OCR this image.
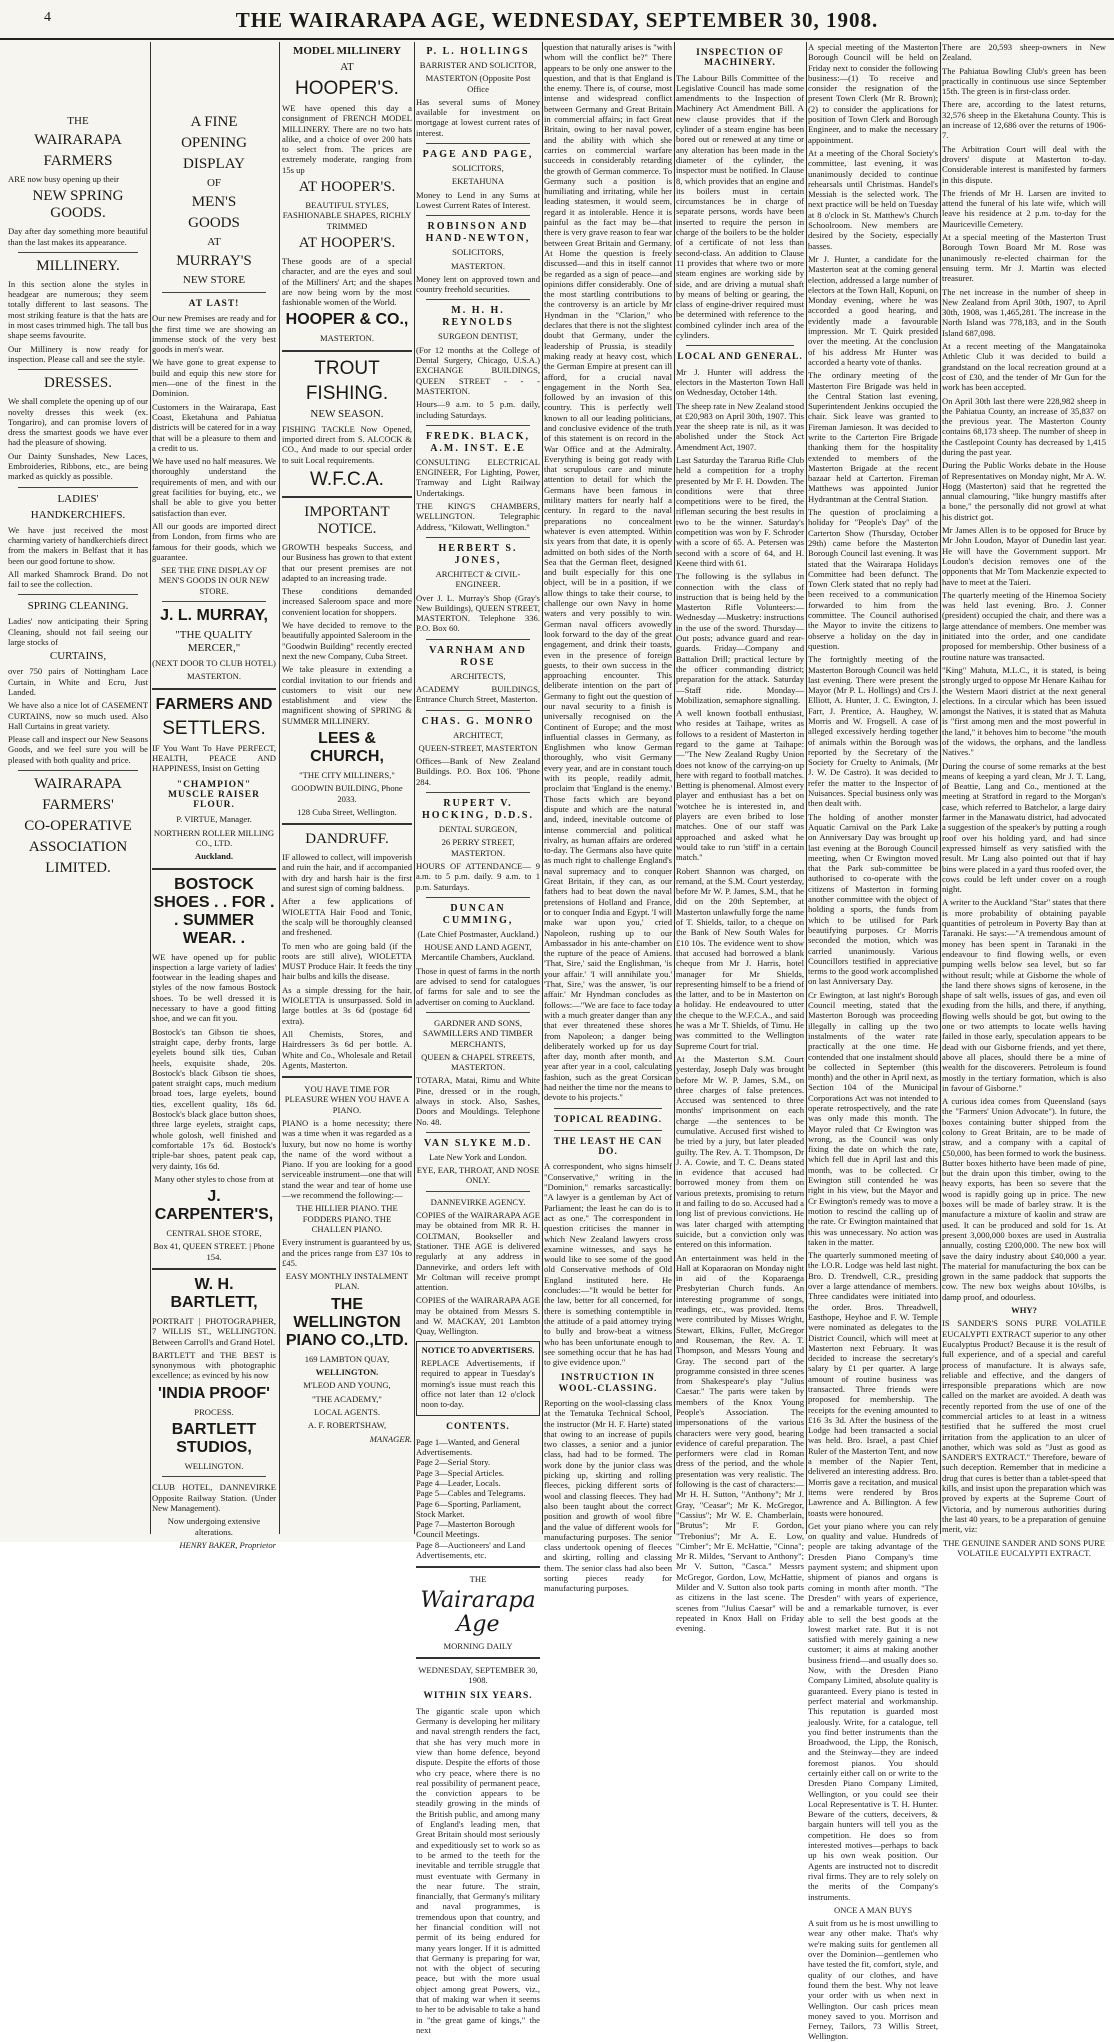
4	THE WAIRARAPA AGE, WEDNESDAY, SEPTEMBER 30, 1908.
THE
WAIRARAPA
FARMERS

ARE now busy opening up their

NEW SPRING GOODS.

Day after day something more beautiful than the last makes its appearance.

MILLINERY.

In this section alone the styles in headgear are numerous; they seem totally different to last seasons. The most striking feature is that the hats are in most cases trimmed high. The tall bus shape seems favourite.

Our Millinery is now ready for inspection. Please call and see the style.

DRESSES.

We shall complete the opening up of our novelty dresses this week (ex. Tongariro), and can promise lovers of dress the smartest goods we have ever had the pleasure of showing.

Our Dainty Sunshades, New Laces, Embroideries, Ribbons, etc., are being marked as quickly as possible.

LADIES'
HANDKERCHIEFS.

We have just received the most charming variety of handkerchiefs direct from the makers in Belfast that it has been our good fortune to show.

All marked Shamrock Brand. Do not fail to see the collection.

SPRING CLEANING.

Ladies' now anticipating their Spring Cleaning, should not fail seeing our large stocks of

CURTAINS,

over 750 pairs of Nottingham Lace Curtain, in White and Ecru, Just Landed.

We have also a nice lot of CASEMENT CURTAINS, now so much used. Also Hall Curtains in great variety.

Please call and inspect our New Seasons Goods, and we feel sure you will be pleased with both quality and price.

WAIRARAPA
FARMERS'
CO-OPERATIVE
ASSOCIATION
LIMITED.
A FINE
OPENING
DISPLAY
OF
MEN'S
GOODS
AT
MURRAY'S
NEW STORE
AT LAST!

Our new Premises are ready and for the first time we are showing an immense stock of the very best goods in men's wear.

We have gone to great expense to build and equip this new store for men—one of the finest in the Dominion.

Customers in the Wairarapa, East Coast, Eketahuna and Pahiatua districts will be catered for in a way that will be a pleasure to them and a credit to us.

We have used no half measures. We thoroughly understand the requirements of men, and with our great facilities for buying, etc., we shall be able to give you better satisfaction than ever.

All our goods are imported direct from London, from firms who are famous for their goods, which we guarantee.

SEE THE FINE DISPLAY OF MEN'S GOODS IN OUR NEW STORE.

J. L. MURRAY,
"THE QUALITY MERCER,"

(NEXT DOOR TO CLUB HOTEL)

MASTERTON.

FARMERS AND
SETTLERS.

IF You Want To Have PERFECT, HEALTH, PEACE AND HAPPINESS, Insist on Getting

"CHAMPION" MUSCLE RAISER FLOUR.

P. VIRTUE, Manager.

NORTHERN ROLLER MILLING CO., LTD.

Auckland.

BOSTOCK SHOES . . FOR . . SUMMER WEAR. .

WE have opened up for public inspection a large variety of ladies' footwear in the leading shapes and styles of the now famous Bostock shoes. To be well dressed it is necessary to have a good fitting shoe, and we can fit you.

Bostock's tan Gibson tie shoes, straight cape, derby fronts, large eyelets bound silk ties, Cuban heels, exquisite shade, 20s. Bostock's black Gibson tie shoes, patent straight caps, much medium broad toes, large eyelets, bound ties, excellent quality, 18s 6d. Bostock's black glace button shoes, three large eyelets, straight caps, whole golosh, well finished and comfortable 17s 6d. Bostock's triple-bar shoes, patent peak cap, very dainty, 16s 6d.

Many other styles to chose from at

J. CARPENTER'S,

CENTRAL SHOE STORE,

Box 41, QUEEN STREET. | Phone 154.

W. H. BARTLETT,

PORTRAIT | PHOTOGRAPHER, 7 WILLIS ST., WELLINGTON. Between Carroll's and Grand Hotel.

BARTLETT and THE BEST is synonymous with photographic excellence; as evinced by his now

'INDIA PROOF'

PROCESS.

BARTLETT STUDIOS,

WELLINGTON.

CLUB HOTEL, DANNEVIRKE Opposite Railway Station. (Under New Management).

Now undergoing extensive alterations.

HENRY BAKER, Proprietor

MODEL MILLINERY
AT
HOOPER'S.

WE have opened this day a consignment of FRENCH MODEL MILLINERY. There are no two hats alike, and a choice of over 200 hats to select from. The prices are extremely moderate, ranging from 15s up

AT HOOPER'S.

BEAUTIFUL STYLES, FASHIONABLE SHAPES, RICHLY TRIMMED

AT HOOPER'S.

These goods are of a special character, and are the eyes and soul of the Milliners' Art; and the shapes are now being worn by the most fashionable women of the World.

HOOPER & CO.,

MASTERTON.

TROUT
FISHING.
NEW SEASON.

FISHING TACKLE Now Opened, imported direct from S. ALCOCK & CO., And made to our special order to suit Local requirements.

W.F.C.A.
IMPORTANT NOTICE.

GROWTH bespeaks Success, and our Business has grown to that extent that our present premises are not adapted to an increasing trade.

These conditions demanded increased Saleroom space and more convenient location for shoppers.

We have decided to remove to the beautifully appointed Saleroom in the "Goodwin Building" recently erected next the new Company, Cuba Street.

We take pleasure in extending a cordial invitation to our friends and customers to visit our new establishment and view the magnificent showing of SPRING & SUMMER MILLINERY.

LEES & CHURCH,

"THE CITY MILLINERS,"

GOODWIN BUILDING, Phone 2033.

128 Cuba Street, Wellington.

DANDRUFF.

IF allowed to collect, will impoverish and ruin the hair, and if accompanied with dry and harsh hair is the first and surest sign of coming baldness.

After a few applications of WIOLETTA Hair Food and Tonic, the scalp will be thoroughly cleansed and freshened.

To men who are going bald (if the roots are still alive), WIOLETTA MUST Produce Hair. It feeds the tiny hair bulbs and kills the disease.

As a simple dressing for the hair, WIOLETTA is unsurpassed. Sold in large bottles at 3s 6d (postage 6d extra).

All Chemists, Stores, and Hairdressers 3s 6d per bottle. A. White and Co., Wholesale and Retail Agents, Masterton.

YOU HAVE TIME FOR PLEASURE WHEN YOU HAVE A PIANO.

PIANO is a home necessity; there was a time when it was regarded as a luxury, but now no home is worthy the name of the word without a Piano. If you are looking for a good serviceable instrument—one that will stand the wear and tear of home use—we recommend the following:—

THE HILLIER PIANO. THE FODDERS PIANO. THE CHALLEN PIANO.

Every instrument is guaranteed by us, and the prices range from £37 10s to £45.

EASY MONTHLY INSTALMENT PLAN.

THE WELLINGTON PIANO CO.,LTD.

169 LAMBTON QUAY,

WELLINGTON.

M'LEOD AND YOUNG,

"THE ACADEMY,"

LOCAL AGENTS.

A. F. ROBERTSHAW,

MANAGER.

P. L. HOLLINGS

BARRISTER AND SOLICITOR,

MASTERTON (Opposite Post Office

Has several sums of Money available for investment on mortgage at lowest current rates of interest.

PAGE AND PAGE,

SOLICITORS,

EKETAHUNA

Money to Lend in any Sums at Lowest Current Rates of Interest.

ROBINSON AND HAND-NEWTON,

SOLICITORS,

MASTERTON.

Money lent on approved town and country freehold securities.

M. H. H. REYNOLDS

SURGEON DENTIST,

(For 12 months at the College of Dental Surgery, Chicago, U.S.A.) EXCHANGE BUILDINGS, QUEEN STREET - - - MASTERTON.

Hours—9 a.m. to 5 p.m. daily, including Saturdays.

FREDK. BLACK, A.M. INST. E.E

CONSULTING ELECTRICAL ENGINEER, For Lighting, Power, Tramway and Light Railway Undertakings.

THE KING'S CHAMBERS, WELLINGTON. Telegraphic Address, "Kilowatt, Wellington."

HERBERT S. JONES,

ARCHITECT & CIVIL-ENGINEER.

Over J. L. Murray's Shop (Gray's New Buildings), QUEEN STREET, MASTERTON. Telephone 336. P.O. Box 60.

VARNHAM AND ROSE

ARCHITECTS,

ACADEMY BUILDINGS, Entrance Church Street, Masterton.

CHAS. G. MONRO

ARCHITECT,

QUEEN-STREET, MASTERTON

Offices—Bank of New Zealand Buildings. P.O. Box 106. 'Phone 284.

RUPERT V. HOCKING, D.D.S.

DENTAL SURGEON,

26 PERRY STREET, MASTERTON.

HOURS OF ATTENDANCE— 9 a.m. to 5 p.m. daily. 9 a.m. to 1 p.m. Saturdays.

DUNCAN CUMMING,

(Late Chief Postmaster, Auckland.)

HOUSE AND LAND AGENT, Mercantile Chambers, Auckland.

Those in quest of farms in the north are advised to send for catalogues of farms for sale and to see the advertiser on coming to Auckland.

GARDNER AND SONS, SAWMILLERS AND TIMBER MERCHANTS,

QUEEN & CHAPEL STREETS, MASTERTON.

TOTARA, Matai, Rimu and White Pine, dressed or in the rough, always in stock. Also, Sashes, Doors and Mouldings. Telephone No. 48.

VAN SLYKE M.D.

Late New York and London.

EYE, EAR, THROAT, AND NOSE ONLY.

DANNEVIRKE AGENCY.

COPIES of the WAIRARAPA AGE may be obtained from MR R. H. COLTMAN, Bookseller and Stationer. THE AGE is delivered regularly at any address in Dannevirke, and orders left with Mr Coltman will receive prompt attention.

COPIES of the WAIRARAPA AGE may be obtained from Messrs S. and W. MACKAY, 201 Lambton Quay, Wellington.

NOTICE TO ADVERTISERS.

REPLACE Advertisements, if required to appear in Tuesday's morning's issue must reach this office not later than 12 o'clock noon to-day.

CONTENTS.

Page 1—Wanted, and General Advertisements.

Page 2—Serial Story.

Page 3—Special Articles.

Page 4—Leader, Locals.

Page 5—Cables and Telegrams.

Page 6—Sporting, Parliament, Stock Market.

Page 7—Masterton Borough Council Meetings.

Page 8—Auctioneers' and Land Advertisements, etc.

THE

Wairarapa Age

MORNING DAILY

WEDNESDAY, SEPTEMBER 30, 1908.

WITHIN SIX YEARS.

The gigantic scale upon which Germany is developing her military and naval strength renders the fact, that she has very much more in view than home defence, beyond dispute. Despite the efforts of those who cry peace, where there is no real possibility of permanent peace, the conviction appears to be steadily growing in the minds of the British public, and among many of England's leading men, that Great Britain should most seriously and expeditiously set to work so as to be armed to the teeth for the inevitable and terrible struggle that must eventuate with Germany in the near future. The strain, financially, that Germany's military and naval programmes, is tremendous upon that country, and her financial condition will not permit of its being endured for many years longer. If it is admitted that Germany is preparing for war, not with the object of securing peace, but with the more usual object among great Powers, viz., that of making war when it seems to her to be advisable to take a hand in "the great game of kings," the next

question that naturally arises is "with whom will the conflict be?" There appears to be only one answer to the question, and that is that England is the enemy. There is, of course, most intense and widespread conflict between Germany and Great Britain in commercial affairs; in fact Great Britain, owing to her naval power, and the ability with which she carries on commercial warfare succeeds in considerably retarding the growth of German commerce. To Germany such a position is humiliating and irritating, while her leading statesmen, it would seem, regard it as intolerable. Hence it is painful as the fact may be—that there is very grave reason to fear war between Great Britain and Germany. At Home the question is freely discussed—and this in itself cannot be regarded as a sign of peace—and opinions differ considerably. One of the most startling contributions to the controversy is an article by Mr Hyndman in the "Clarion," who declares that there is not the slightest doubt that Germany, under the leadership of Prussia, is steadily making ready at heavy cost, which the German Empire at present can ill afford, for a crucial naval engagement in the North Sea, followed by an invasion of this country. This is perfectly well known to all our leading politicians, and conclusive evidence of the truth of this statement is on record in the War Office and at the Admiralty. Everything is being got ready with that scrupulous care and minute attention to detail for which the Germans have been famous in military matters for nearly half a century. In regard to the naval preparations no concealment whatever is even attempted. Within six years from that date, it is openly admitted on both sides of the North Sea that the German fleet, designed and built especially for this one object, will be in a position, if we allow things to take their course, to challenge our own Navy in home waters and very possibly to win. German naval officers avowedly look forward to the day of the great engagement, and drink their toasts, even in the presence of foreign guests, to their own success in the approaching encounter. This deliberate intention on the part of Germany to fight out the question of our naval security to a finish is universally recognised on the Continent of Europe; and the most influential classes in Germany, as Englishmen who know German thoroughly, who visit Germany every year, and are in constant touch with its people, readily admit, proclaim that 'England is the enemy.' Those facts which are beyond dispute and which are the natural and, indeed, inevitable outcome of intense commercial and political rivalry, as human affairs are ordered to-day. The Germans also have quite as much right to challenge England's naval supremacy and to conquer Great Britain, if they can, as our fathers had to beat down the naval pretensions of Holland and France, or to conquer India and Egypt. 'I will make war upon you,' cried Napoleon, rushing up to our Ambassador in his ante-chamber on the rupture of the peace of Amiens. 'That, Sire,' said the Englishman, 'is your affair.' 'I will annihilate you.' 'That, Sire,' was the answer, 'is our affair.' Mr Hyndman concludes as follows:—"We are face to face today with a much greater danger than any that ever threatened these shores from Napoleon; a danger being deliberately worked up for us day after day, month after month, and year after year in a cool, calculating fashion, such as the great Corsican had neither the time nor the means to devote to his projects."

TOPICAL READING.
THE LEAST HE CAN DO.

A correspondent, who signs himself "Conservative," writing in the "Dominion," remarks sarcastically: "A lawyer is a gentleman by Act of Parliament; the least he can do is to act as one." The correspondent in question criticises the manner in which New Zealand lawyers cross examine witnesses, and says he would like to see some of the good old Conservative methods of Old England instituted here. He concludes:—"It would be better for the law, better for all concerned, for there is something contemptible in the attitude of a paid attorney trying to bully and brow-beat a witness who has been unfortunate enough to see something occur that he has had to give evidence upon."

INSTRUCTION IN WOOL-CLASSING.

Reporting on the wool-classing class at the Tematuka Technical School, the instructor (Mr H. F. Harte) stated that owing to an increase of pupils two classes, a senior and a junior class, had had to be formed. The work done by the junior class was picking up, skirting and rolling fleeces, picking different sorts of wool and classing fleeces. They had also been taught about the correct position and growth of wool fibre and the value of different wools for manufacturing purposes. The senior class undertook opening of fleeces and skirting, rolling and classing them. The senior class had also been sorting pieces ready for manufacturing purposes.

INSPECTION OF MACHINERY.

The Labour Bills Committee of the Legislative Council has made some amendments to the Inspection of Machinery Act Amendment Bill. A new clause provides that if the cylinder of a steam engine has been bored out or renewed at any time or any alteration has been made in the diameter of the cylinder, the inspector must be notified. In Clause 8, which provides that an engine and its boilers must in certain circumstances be in charge of separate persons, words have been inserted to require the person in charge of the boilers to be the holder of a certificate of not less than second-class. An addition to Clause 11 provides that where two or more steam engines are working side by side, and are driving a mutual shaft by means of belting or gearing, the class of engine-driver required must be determined with reference to the combined cylinder inch area of the cylinders.

LOCAL AND GENERAL.

Mr J. Hunter will address the electors in the Masterton Town Hall on Wednesday, October 14th.

The sheep rate in New Zealand stood at £20,983 on April 30th, 1907. This year the sheep rate is nil, as it was abolished under the Stock Act Amendment Act, 1907.

Last Saturday the Tararua Rifle Club held a competition for a trophy presented by Mr F. H. Dowden. The conditions were that three competitions were to be fired, the rifleman securing the best results in two to be the winner. Saturday's competition was won by F. Schroder with a score of 65. A. Petersen was second with a score of 64, and H. Keene third with 61.

The following is the syllabus in connection with the class of instruction that is being held by the Masterton Rifle Volunteers:—Wednesday —Musketry: instructions in the use of the sword. Thursday—Out posts; advance guard and rear-guards. Friday—Company and Battalion Drill; practical lecture by the officer commanding district; preparation for the attack. Saturday—Staff ride. Monday—Mobilization, semaphore signalling.

A well known football enthusiast, who resides at Taihape, writes as follows to a resident of Masterton in regard to the game at Taihape:—"The New Zealand Rugby Union does not know of the carrying-on up here with regard to football matches. Betting is phenomenal. Almost every player and enthusiast has a bet on 'wotchee he is interested in, and players are even bribed to lose matches. One of our staff was approached and asked what he would take to run 'stiff' in a certain match."

Robert Shannon was charged, on remand, at the S.M. Court yesterday, before Mr W. P. James, S.M., that he did on the 20th September, at Masterton unlawfully forge the name of T. Shields, tailor, to a cheque on the Bank of New South Wales for £10 10s. The evidence went to show that accused had borrowed a blank cheque from Mr J. Harris, hotel manager for Mr Shields, representing himself to be a friend of the latter, and to be in Masterton on a holiday. He endeavoured to utter the cheque to the W.F.C.A., and said he was a Mr T. Shields, of Timu. He was committed to the Wellington Supreme Court for trial.

At the Masterton S.M. Court yesterday, Joseph Daly was brought before Mr W. P. James, S.M., on three charges of false pretences. Accused was sentenced to three months' imprisonment on each charge —the sentences to be cumulative. Accused first wished to be tried by a jury, but later pleaded guilty. The Rev. A. T. Thompson, Dr J. A. Cowie, and T. C. Deans stated in evidence that accused had borrowed money from them on various pretexts, promising to return it and failing to do so. Accused had a long list of previous convictions. He was later charged with attempting suicide, but a conviction only was entered on this information.

An entertainment was held in the Hall at Koparaoran on Monday night in aid of the Koparaenga Presbyterian Church funds. An interesting programme of songs, readings, etc., was provided. Items were contributed by Misses Wright, Stewart, Elkins, Fuller, McGregor and Rouseman, the Rev. A. T. Thompson, and Messrs Young and Gray. The second part of the programme consisted in three scenes from Shakespeare's play "Julius Caesar." The parts were taken by members of the Knox Young People's Association. The impersonations of the various characters were very good, bearing evidence of careful preparation. The performers were clad in Roman dress of the period, and the whole presentation was very realistic. The following is the cast of characters:—Mr H. H. Sutton, "Anthony"; Mr J. Gray, "Ceasar"; Mr K. McGregor, "Cassius"; Mr W. E. Chamberlain, "Brutus"; Mr F. Gordon, "Trebonius"; Mr A. E. Low, "Cimber"; Mr E. McHattie, "Cinna"; Mr R. Mildes, "Servant to Anthony"; Mr V. Sutton, "Casca." Messrs McGregor, Gordon, Low, McHattie, Milder and V. Sutton also took parts as citizens in the last scene. The scenes from "Julius Caesar" will be repeated in Knox Hall on Friday evening.

A special meeting of the Masterton Borough Council will be held on Friday next to consider the following business:—(1) To receive and consider the resignation of the present Town Clerk (Mr R. Brown); (2) to consider the applications for position of Town Clerk and Borough Engineer, and to make the necessary appointment.

At a meeting of the Choral Society's committee, last evening, it was unanimously decided to continue rehearsals until Christmas. Handel's Messiah is the selected work. The next practice will be held on Tuesday at 8 o'clock in St. Matthew's Church Schoolroom. New members are desired by the Society, especially basses.

Mr J. Hunter, a candidate for the Masterton seat at the coming general election, addressed a large number of electors at the Town Hall, Kopuni, on Monday evening, where he was accorded a good hearing, and evidently made a favourable impression. Mr T. Quirk presided over the meeting. At the conclusion of his address Mr Hunter was accorded a hearty vote of thanks.

The ordinary meeting of the Masterton Fire Brigade was held in the Central Station last evening, Superintendent Jenkins occupied the chair. Sick leave was granted to Fireman Jamieson. It was decided to write to the Carterton Fire Brigade thanking them for the hospitality extended to members of the Masterton Brigade at the recent bazaar held at Carterton. Fireman Matthews was appointed Junior Hydrantman at the Central Station.

The question of proclaiming a holiday for "People's Day" of the Carterton Show (Thursday, October 29th) came before the Masterton Borough Council last evening. It was stated that the Wairarapa Holidays Committee had been defunct. The Town Clerk stated that no reply had been received to a communication forwarded to him from the committee. The Council authorised the Mayor to invite the citizens to observe a holiday on the day in question.

The fortnightly meeting of the Masterton Borough Council was held last evening. There were present the Mayor (Mr P. L. Hollings) and Crs J. Elliott, A. Hunter, J. C. Ewington, J. Farr, J. Prentice, A. Haughey, W. Morris and W. Frogsell. A case of alleged excessively herding together of animals within the Borough was reported by the Secretary of the Society for Cruelty to Animals, (Mr J. W. De Castro). It was decided to refer the matter to the Inspector of Nuisances. Special business only was then dealt with.

The holding of another monster Aquatic Carnival on the Park Lake on Anniversary Day was brought up last evening at the Borough Council meeting, when Cr Ewington moved that the Park sub-committee be authorised to co-operate with the citizens of Masterton in forming another committee with the object of holding a sports, the funds from which to be utilised for Park beautifying purposes. Cr Morris seconded the motion, which was carried unanimously. Various Councillors testified in appreciative terms to the good work accomplished on last Anniversary Day.

Cr Ewington, at last night's Borough Council meeting, stated that the Masterton Borough was proceeding illegally in calling up the two instalments of the water rate practically at the one time. He contended that one instalment should be collected in September (this month) and the other in April next, as Section 104 of the Municipal Corporations Act was not intended to operate retrospectively, and the rate was only made this month. The Mayor ruled that Cr Ewington was wrong, as the Council was only fixing the date on which the rate, which fell due in April last and this month, was to be collected. Cr Ewington still contended he was right in his view, but the Mayor and Cr Ewington's remedy was to move a motion to rescind the calling up of the rate. Cr Ewington maintained that this was unnecessary. No action was taken in the matter.

The quarterly summoned meeting of the I.O.R. Lodge was held last night. Bro. D. Trendwell, C.R., presiding over a large attendance of members. Three candidates were initiated into the order. Bros. Threadwell, Easthope, Heyhoe and F. W. Temple were nominated as delegates to the District Council, which will meet at Masterton next February. It was decided to increase the secretary's salary by £1 per quarter. A large amount of routine business was transacted. Three friends were proposed for membership. The receipts for the evening amounted to £16 3s 3d. After the business of the Lodge had been transacted a social was held. Bro. Israel, a past Chief Ruler of the Masterton Tent, and now a member of the Napier Tent, delivered an interesting address. Bro. Morris gave a recitation, and musical items were rendered by Bros Lawrence and A. Billington. A few toasts were honoured.

Get your piano where you can rely on quality and value. Hundreds of people are taking advantage of the Dresden Piano Company's time payment system; and shipment upon shipment of pianos and organs is coming in month after month. "The Dresden" with years of experience, and a remarkable turnover, is ever able to sell the best goods at the lowest market rate. But it is not satisfied with merely gaining a new customer; it aims at making another business friend—and usually does so. Now, with the Dresden Piano Company Limited, absolute quality is guaranteed. Every piano is tested in perfect material and workmanship. This reputation is guarded most jealously. Write, for a catalogue, tell you find better instruments than the Broadwood, the Lipp, the Ronisch, and the Steinway—they are indeed foremost pianos. You should certainly either call on or write to the Dresden Piano Company Limited, Wellington, or you could see their Local Representative is T. H. Hunter. Beware of the cutters, deceivers, & bargain hunters will tell you as the competition. He does so from interested motives—perhaps to back up his own weak position. Our Agents are instructed not to discredit rival firms. They are to rely solely on the merits of the Company's instruments.

ONCE A MAN BUYS

A suit from us he is most unwilling to wear any other make. That's why we're making suits for gentlemen all over the Dominion—gentlemen who have tested the fit, comfort, style, and quality of our clothes, and have found them the best. Why not leave your order with us when next in Wellington. Our cash prices mean money saved to you. Morrison and Ferney, Tailors, 73 Willis Street, Wellington.

There are 20,593 sheep-owners in New Zealand.

The Pahiatua Bowling Club's green has been practically in continuous use since September 15th. The green is in first-class order.

There are, according to the latest returns, 32,576 sheep in the Eketahuna County. This is an increase of 12,686 over the returns of 1906-7.

The Arbitration Court will deal with the drovers' dispute at Masterton to-day. Considerable interest is manifested by farmers in this dispute.

The friends of Mr H. Larsen are invited to attend the funeral of his late wife, which will leave his residence at 2 p.m. to-day for the Mauriceville Cemetery.

At a special meeting of the Masterton Trust Borough Town Board Mr M. Rose was unanimously re-elected chairman for the ensuing term. Mr J. Martin was elected treasurer.

The net increase in the number of sheep in New Zealand from April 30th, 1907, to April 30th, 1908, was 1,465,281. The increase in the North Island was 778,183, and in the South Island 687,098.

At a recent meeting of the Mangatainoka Athletic Club it was decided to build a grandstand on the local recreation ground at a cost of £30, and the tender of Mr Gun for the work has been accepted.

On April 30th last there were 228,982 sheep in the Pahiatua County, an increase of 35,837 on the previous year. The Masterton County contains 68,173 sheep. The number of sheep in the Castlepoint County has decreased by 1,415 during the past year.

During the Public Works debate in the House of Representatives on Monday night, Mr A. W. Hogg (Masterton) said that he regretted the annual clamouring, "like hungry mastiffs after a bone," the personally did not growl at what his district got.

Mr James Allen is to be opposed for Bruce by Mr John Loudon, Mayor of Dunedin last year. He will have the Government support. Mr Loudon's decision removes one of the opponents that Mr Tom Mackenzie expected to have to meet at the Taieri.

The quarterly meeting of the Hinemoa Society was held last evening. Bro. J. Conner (president) occupied the chair, and there was a large attendance of members. One member was initiated into the order, and one candidate proposed for membership. Other business of a routine nature was transacted.

"King" Mahuta, M.L.C., it is stated, is being strongly urged to oppose Mr Henare Kaihau for the Western Maori district at the next general elections. In a circular which has been issued amongst the Natives, it is stated that as Mahuta is "first among men and the most powerful in the land," it behoves him to become "the mouth of the widows, the orphans, and the landless Natives."

During the course of some remarks at the best means of keeping a yard clean, Mr J. T. Lang, of Beattie, Lang and Co., mentioned at the meeting at Stratford in regard to the Morgan's case, which referred to Batchelor, a large dairy farmer in the Manawatu district, had advocated a suggestion of the speaker's by putting a rough roof over his holding yard, and had since expressed himself as very satisfied with the result. Mr Lang also pointed out that if hay bins were placed in a yard thus roofed over, the cows could be left under cover on a rough night.

A writer to the Auckland "Star" states that there is more probability of obtaining payable quantities of petroleum in Poverty Bay than at Taranaki. He says:—"A tremendous amount of money has been spent in Taranaki in the endeavour to find flowing wells, or even pumping wells below sea level, but so far without result; while at Gisborne the whole of the land there shows signs of kerosene, in the shape of salt wells, issues of gas, and even oil exuding from the hills, and there, if anything, flowing wells should be got, but owing to the one or two attempts to locate wells having failed in those early, speculation appears to be dead with our Gisborne friends, and yet there, above all places, should there be a mine of wealth for the discoverers. Petroleum is found mostly in the tertiary formation, which is also in favour of Gisborne."

A curious idea comes from Queensland (says the "Farmers' Union Advocate"). In future, the boxes containing butter shipped from the colony to Great Britain, are to be made of straw, and a company with a capital of £50,000, has been formed to work the business. Butter boxes hitherto have been made of pine, but the drain upon this timber, owing to the heavy exports, has been so severe that the wood is rapidly going up in price. The new boxes will be made of barley straw. It is the manufacture a mixture of kaolin and straw are used. It can be produced and sold for 1s. At present 3,000,000 boxes are used in Australia annually, costing £200,000. The new box will save the dairy industry about £40,000 a year. The material for manufacturing the box can be grown in the same paddock that supports the cow. The new box weighs about 10½lbs, is damp proof, and odourless.

WHY?

IS SANDER'S SONS PURE VOLATILE EUCALYPTI EXTRACT superior to any other Eucalyptus Product? Because it is the result of full experience, and of a special and careful process of manufacture. It is always safe, reliable and effective, and the dangers of irresponsible preparations which are now called on the market are avoided. A death was recently reported from the use of one of the commercial articles to at least in a witness testified that he suffered the most cruel irritation from the application to an ulcer of another, which was sold as "Just as good as SANDER'S EXTRACT." Therefore, beware of such deception. Remember that in medicine a drug that cures is better than a tablet-speed that kills, and insist upon the preparation which was proved by experts at the Supreme Court of Victoria, and by numerous authorities during the last 40 years, to be a preparation of genuine merit, viz:

THE GENUINE SANDER AND SONS PURE VOLATILE EUCALYPTI EXTRACT.
